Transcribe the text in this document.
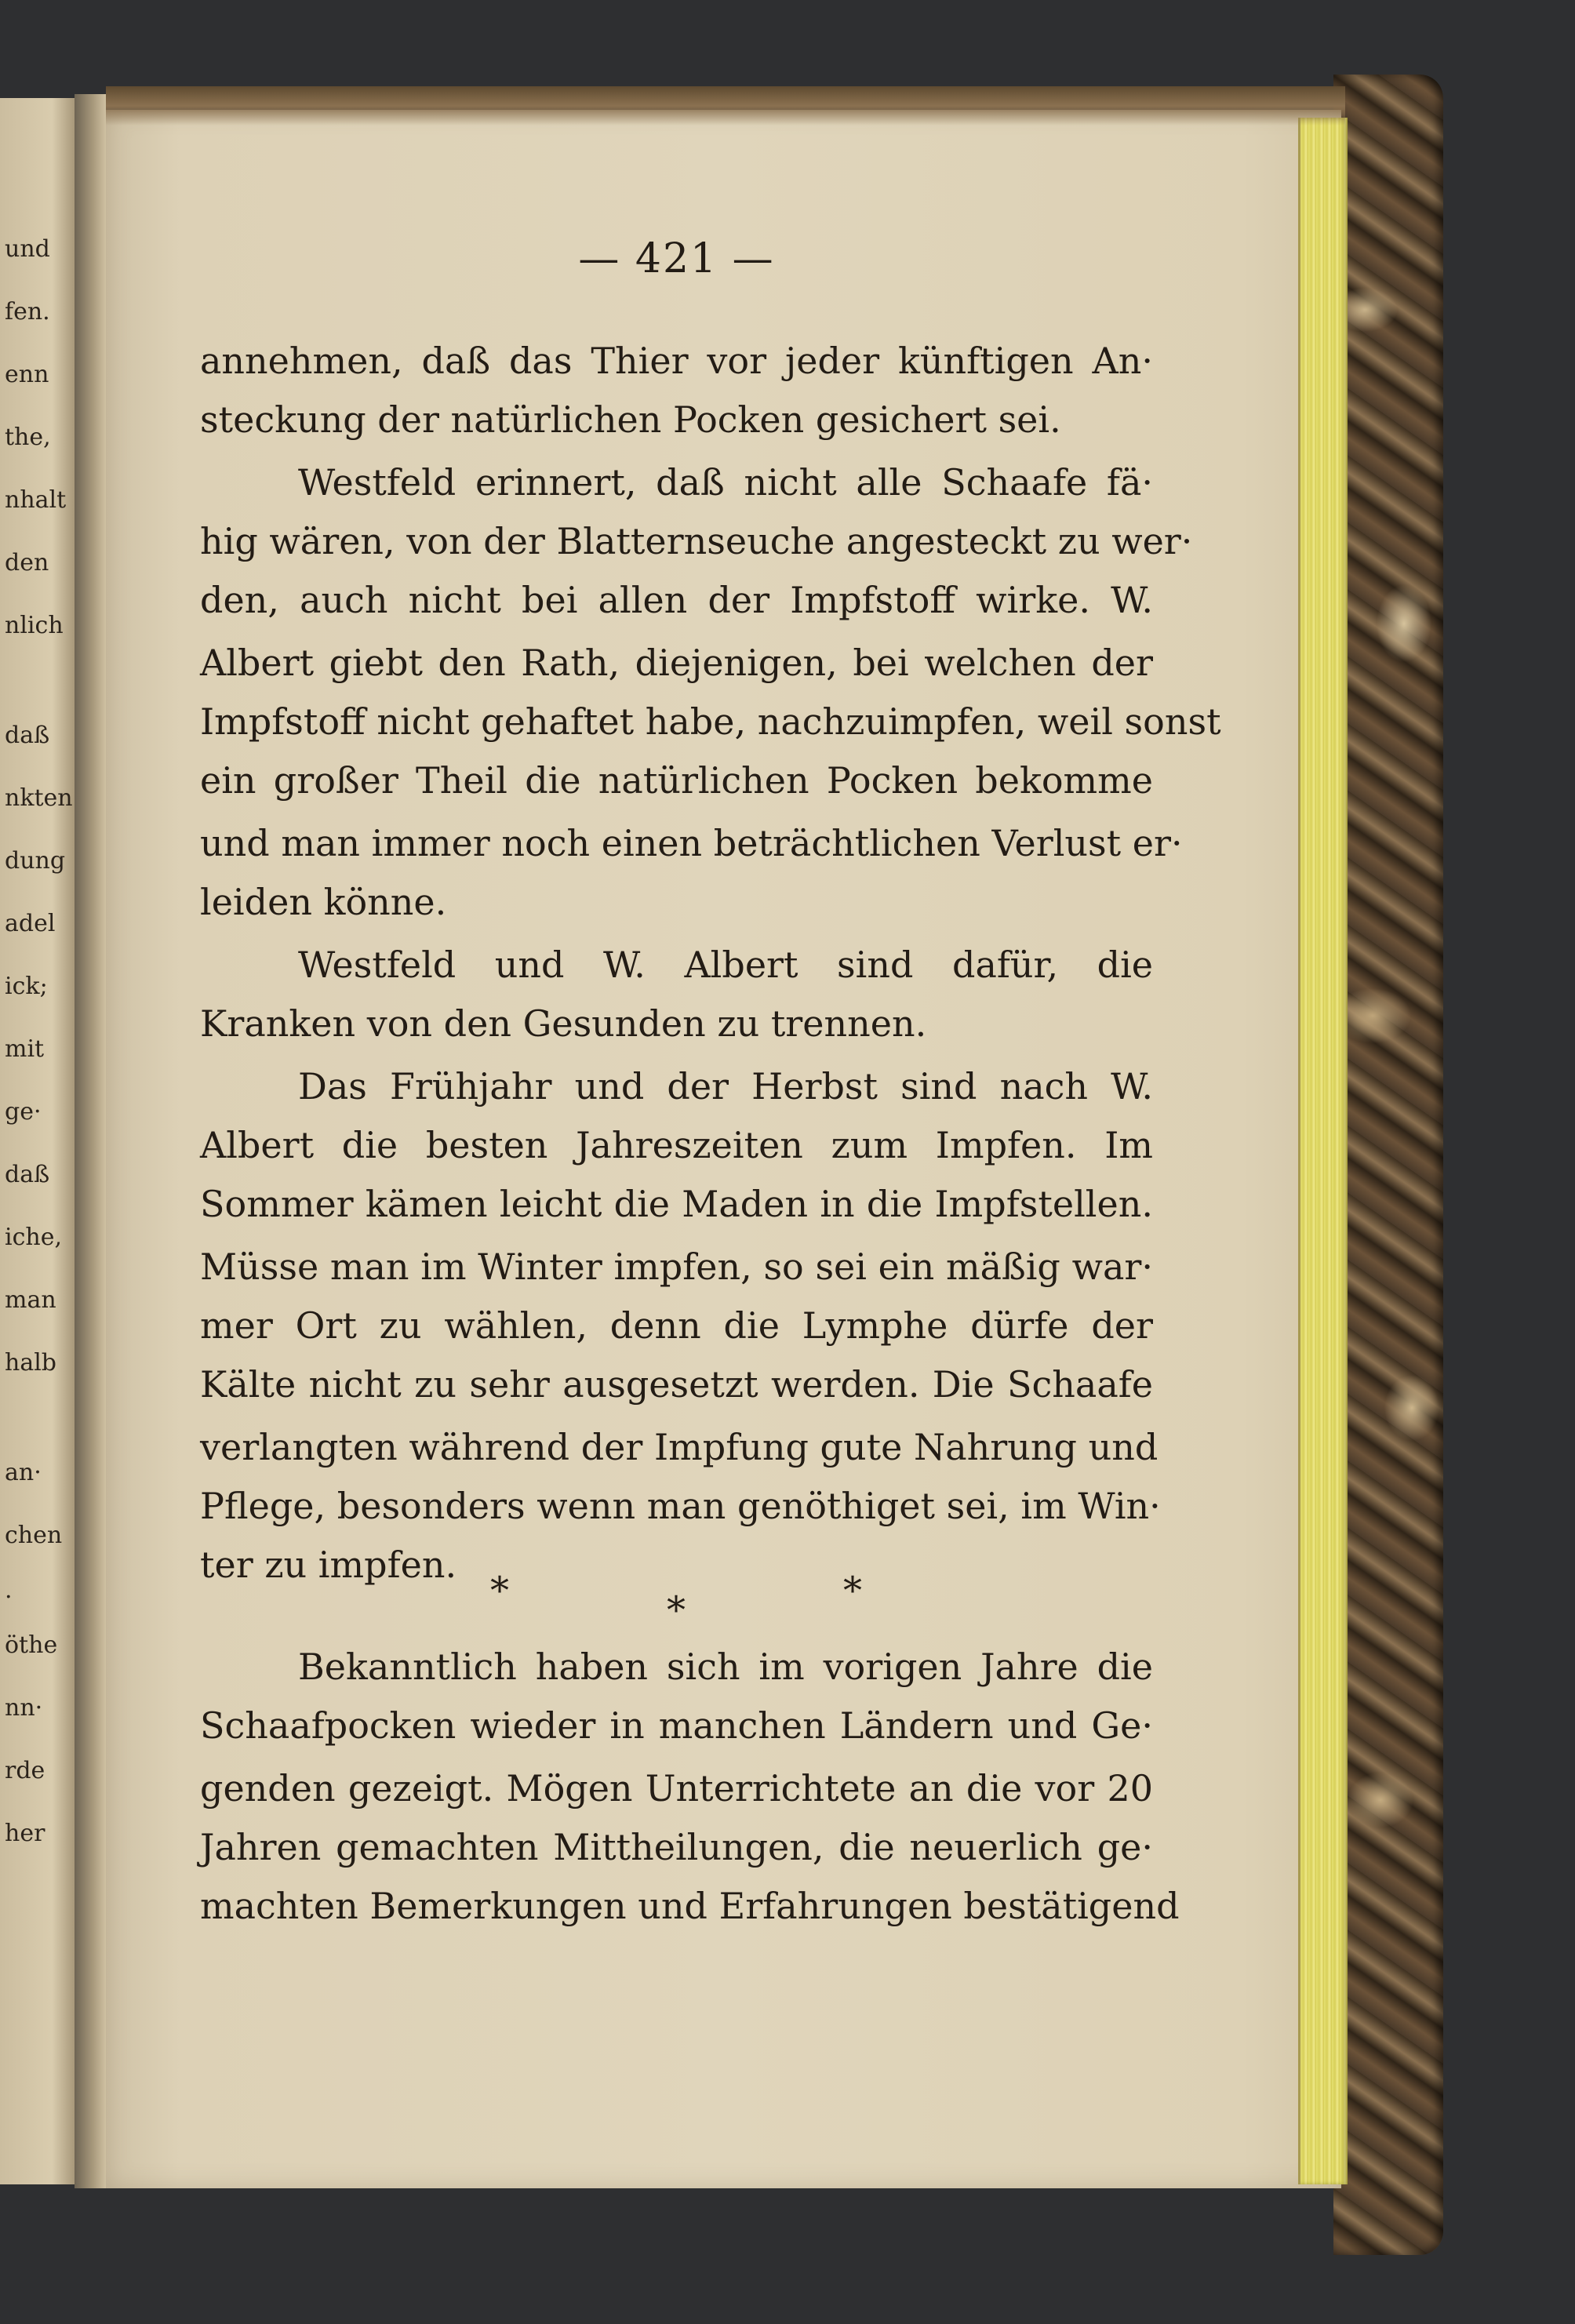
und
fen.
enn
the,
nhalt
den
nlich
daß
nkten
dung
adel
ick;
mit
ge·
daß
iche,
man
halb
an·
chen
.
öthe
nn·
rde
her
— 421 —
annehmen, daß das Thier vor jeder künftigen An·
steckung der natürlichen Pocken gesichert sei.
Westfeld erinnert, daß nicht alle Schaafe fä·
hig wären, von der Blatternseuche angesteckt zu wer·
den, auch nicht bei allen der Impfstoff wirke. W.
Albert giebt den Rath, diejenigen, bei welchen der
Impfstoff nicht gehaftet habe, nachzuimpfen, weil sonst
ein großer Theil die natürlichen Pocken bekomme
und man immer noch einen beträchtlichen Verlust er·
leiden könne.
Westfeld und W. Albert sind dafür, die
Kranken von den Gesunden zu trennen.
Das Frühjahr und der Herbst sind nach W.
Albert die besten Jahreszeiten zum Impfen. Im
Sommer kämen leicht die Maden in die Impfstellen.
Müsse man im Winter impfen, so sei ein mäßig war·
mer Ort zu wählen, denn die Lymphe dürfe der
Kälte nicht zu sehr ausgesetzt werden. Die Schaafe
verlangten während der Impfung gute Nahrung und
Pflege, besonders wenn man genöthiget sei, im Win·
ter zu impfen.
Bekanntlich haben sich im vorigen Jahre die
Schaafpocken wieder in manchen Ländern und Ge·
genden gezeigt. Mögen Unterrichtete an die vor 20
Jahren gemachten Mittheilungen, die neuerlich ge·
machten Bemerkungen und Erfahrungen bestätigend
*	*	*
